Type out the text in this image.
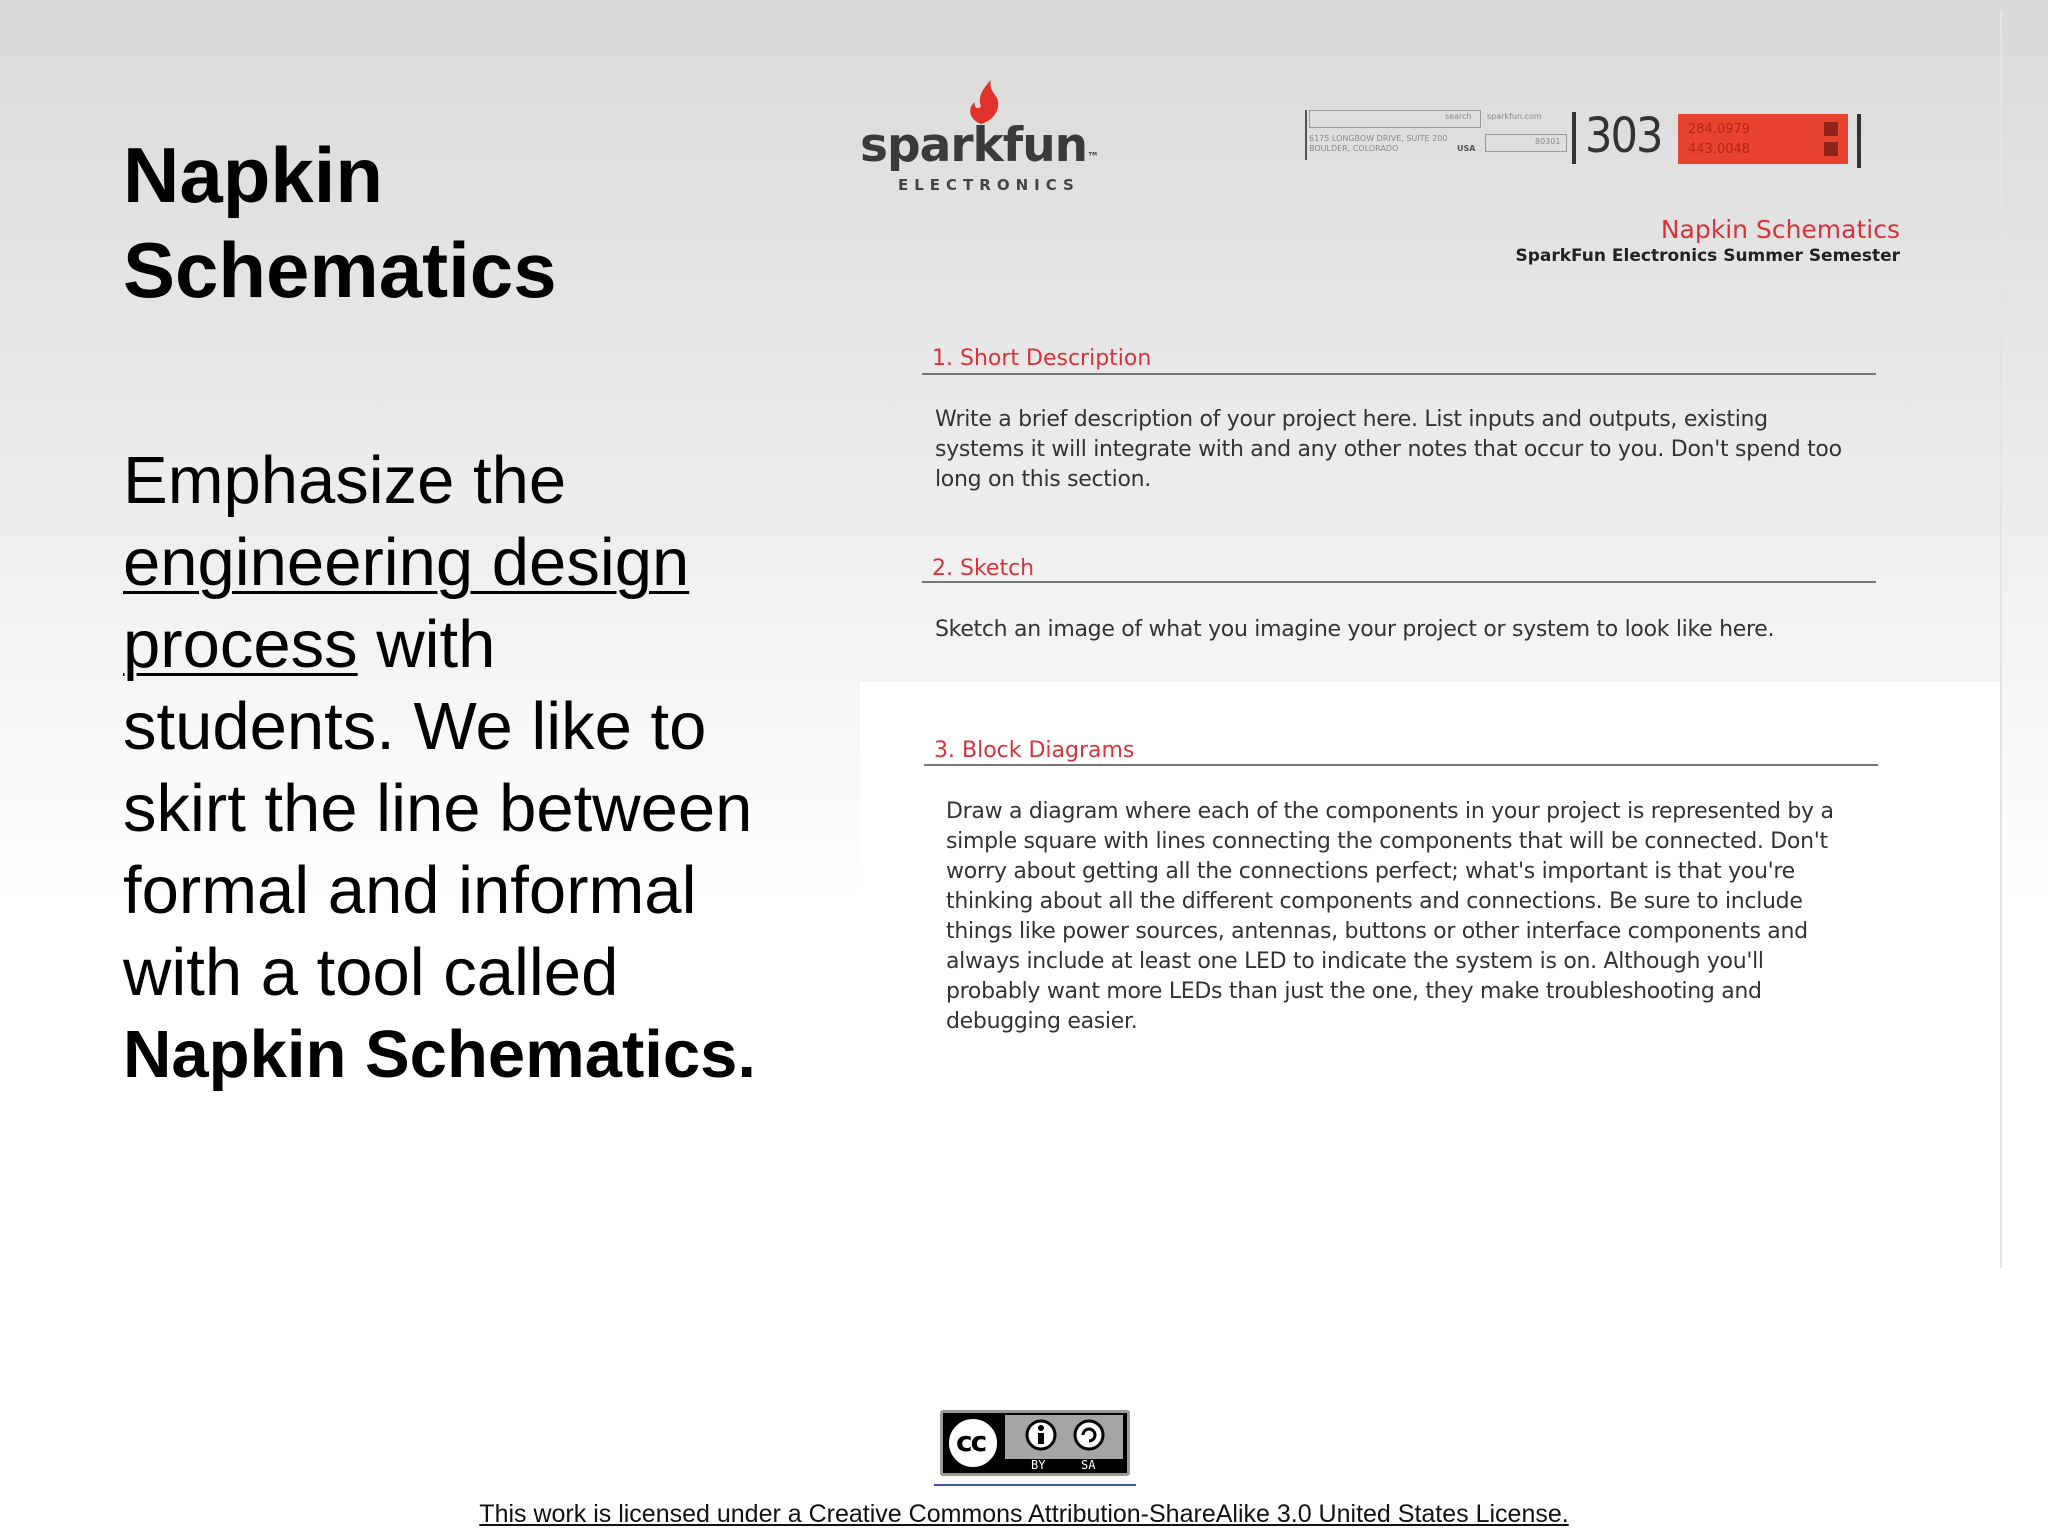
Napkin
Schematics

Emphasize the engineering design process with students. We like to skirt the line between formal and informal with a tool called Napkin Schematics.

sparkfun™
ELECTRONICS
search sparkfun.com
6175 LONGBOW DRIVE, SUITE 200
BOULDER, COLORADO	USA
80301 303 284.0979
443.0048
Napkin Schematics
SparkFun Electronics Summer Semester
1. Short Description
Write a brief description of your project here. List inputs and outputs, existing systems it will integrate with and any other notes that occur to you. Don't spend too long on this section.
2. Sketch
Sketch an image of what you imagine your project or system to look like here.
3. Block Diagrams
Draw a diagram where each of the components in your project is represented by a simple square with lines connecting the components that will be connected. Don't worry about getting all the connections perfect; what's important is that you're thinking about all the different components and connections. Be sure to include things like power sources, antennas, buttons or other interface components and always include at least one LED to indicate the system is on. Although you'll probably want more LEDs than just the one, they make troubleshooting and debugging easier.
cc
BY	SA
This work is licensed under a Creative Commons Attribution-ShareAlike 3.0 United States License.
